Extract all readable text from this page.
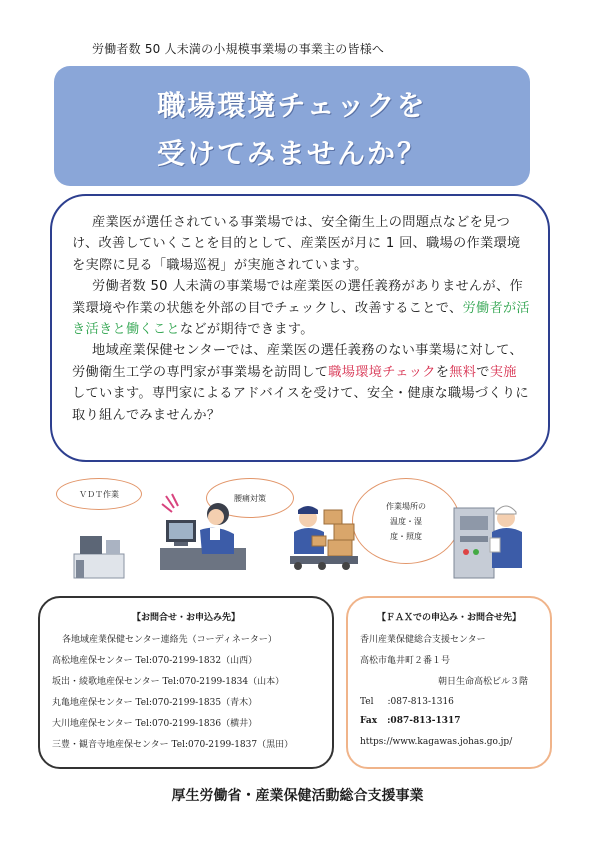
労働者数 50 人未満の小規模事業場の事業主の皆様へ
職場環境チェックを
受けてみませんか？

産業医が選任されている事業場では、安全衛生上の問題点などを見つけ、改善していくことを目的として、産業医が月に 1 回、職場の作業環境を実際に見る「職場巡視」が実施されています。

労働者数 50 人未満の事業場では産業医の選任義務がありませんが、作業環境や作業の状態を外部の目でチェックし、改善することで、労働者が活き活きと働くことなどが期待できます。

地域産業保健センターでは、産業医の選任義務のない事業場に対して、労働衛生工学の専門家が事業場を訪問して職場環境チェックを無料で実施しています。専門家によるアドバイスを受けて、安全・健康な職場づくりに取り組んでみませんか？

ＶＤＴ作業	腰痛対策
作業場所の
温度・湿
度・照度
【お問合せ・お申込み先】
各地域産業保健センター連絡先（コーディネーター）
高松地産保センター Tel:070-2199-1832（山西）
坂出・綾歌地産保センター Tel:070-2199-1834（山本）
丸亀地産保センター Tel:070-2199-1835（青木）
大川地産保センター Tel:070-2199-1836（横井）
三豊・観音寺地産保センター Tel:070-2199-1837（黒田）
【ＦＡＸでの申込み・お問合せ先】
香川産業保健総合支援センター
高松市亀井町２番１号
朝日生命高松ビル３階
Tel :087-813-1316
Fax :087-813-1317
https://www.kagawas.johas.go.jp/
厚生労働省・産業保健活動総合支援事業
